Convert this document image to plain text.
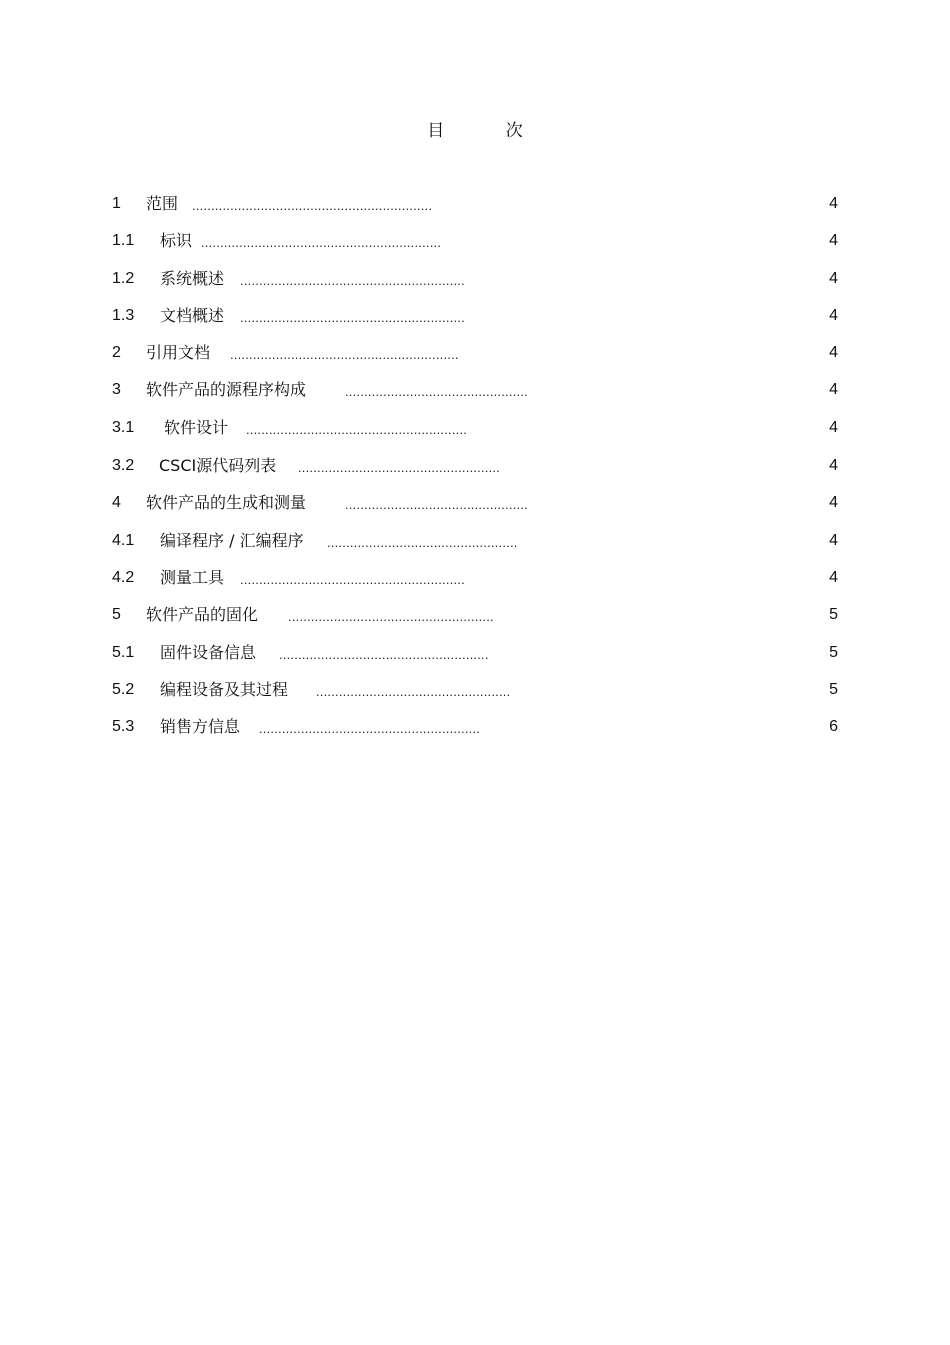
目 次
1 范围 ...............................................................	4
1.1 标识 ...............................................................	4
1.2 系统概述 ...........................................................	4
1.3 文档概述 ...........................................................	4
2 引用文档 ............................................................	4
3 软件产品的源程序构成	................................................	4
3.1 软件设计 ..........................................................	4
3.2 CSCI源代码列表 .....................................................	4
4 软件产品的生成和测量	................................................	4
4.1 编译程序 / 汇编程序 ..................................................	4
4.2 测量工具 ...........................................................	4
5 软件产品的固化 ......................................................	5
5.1 固件设备信息 .......................................................	5
5.2 编程设备及其过程 ...................................................	5
5.3 销售方信息 ..........................................................	6
